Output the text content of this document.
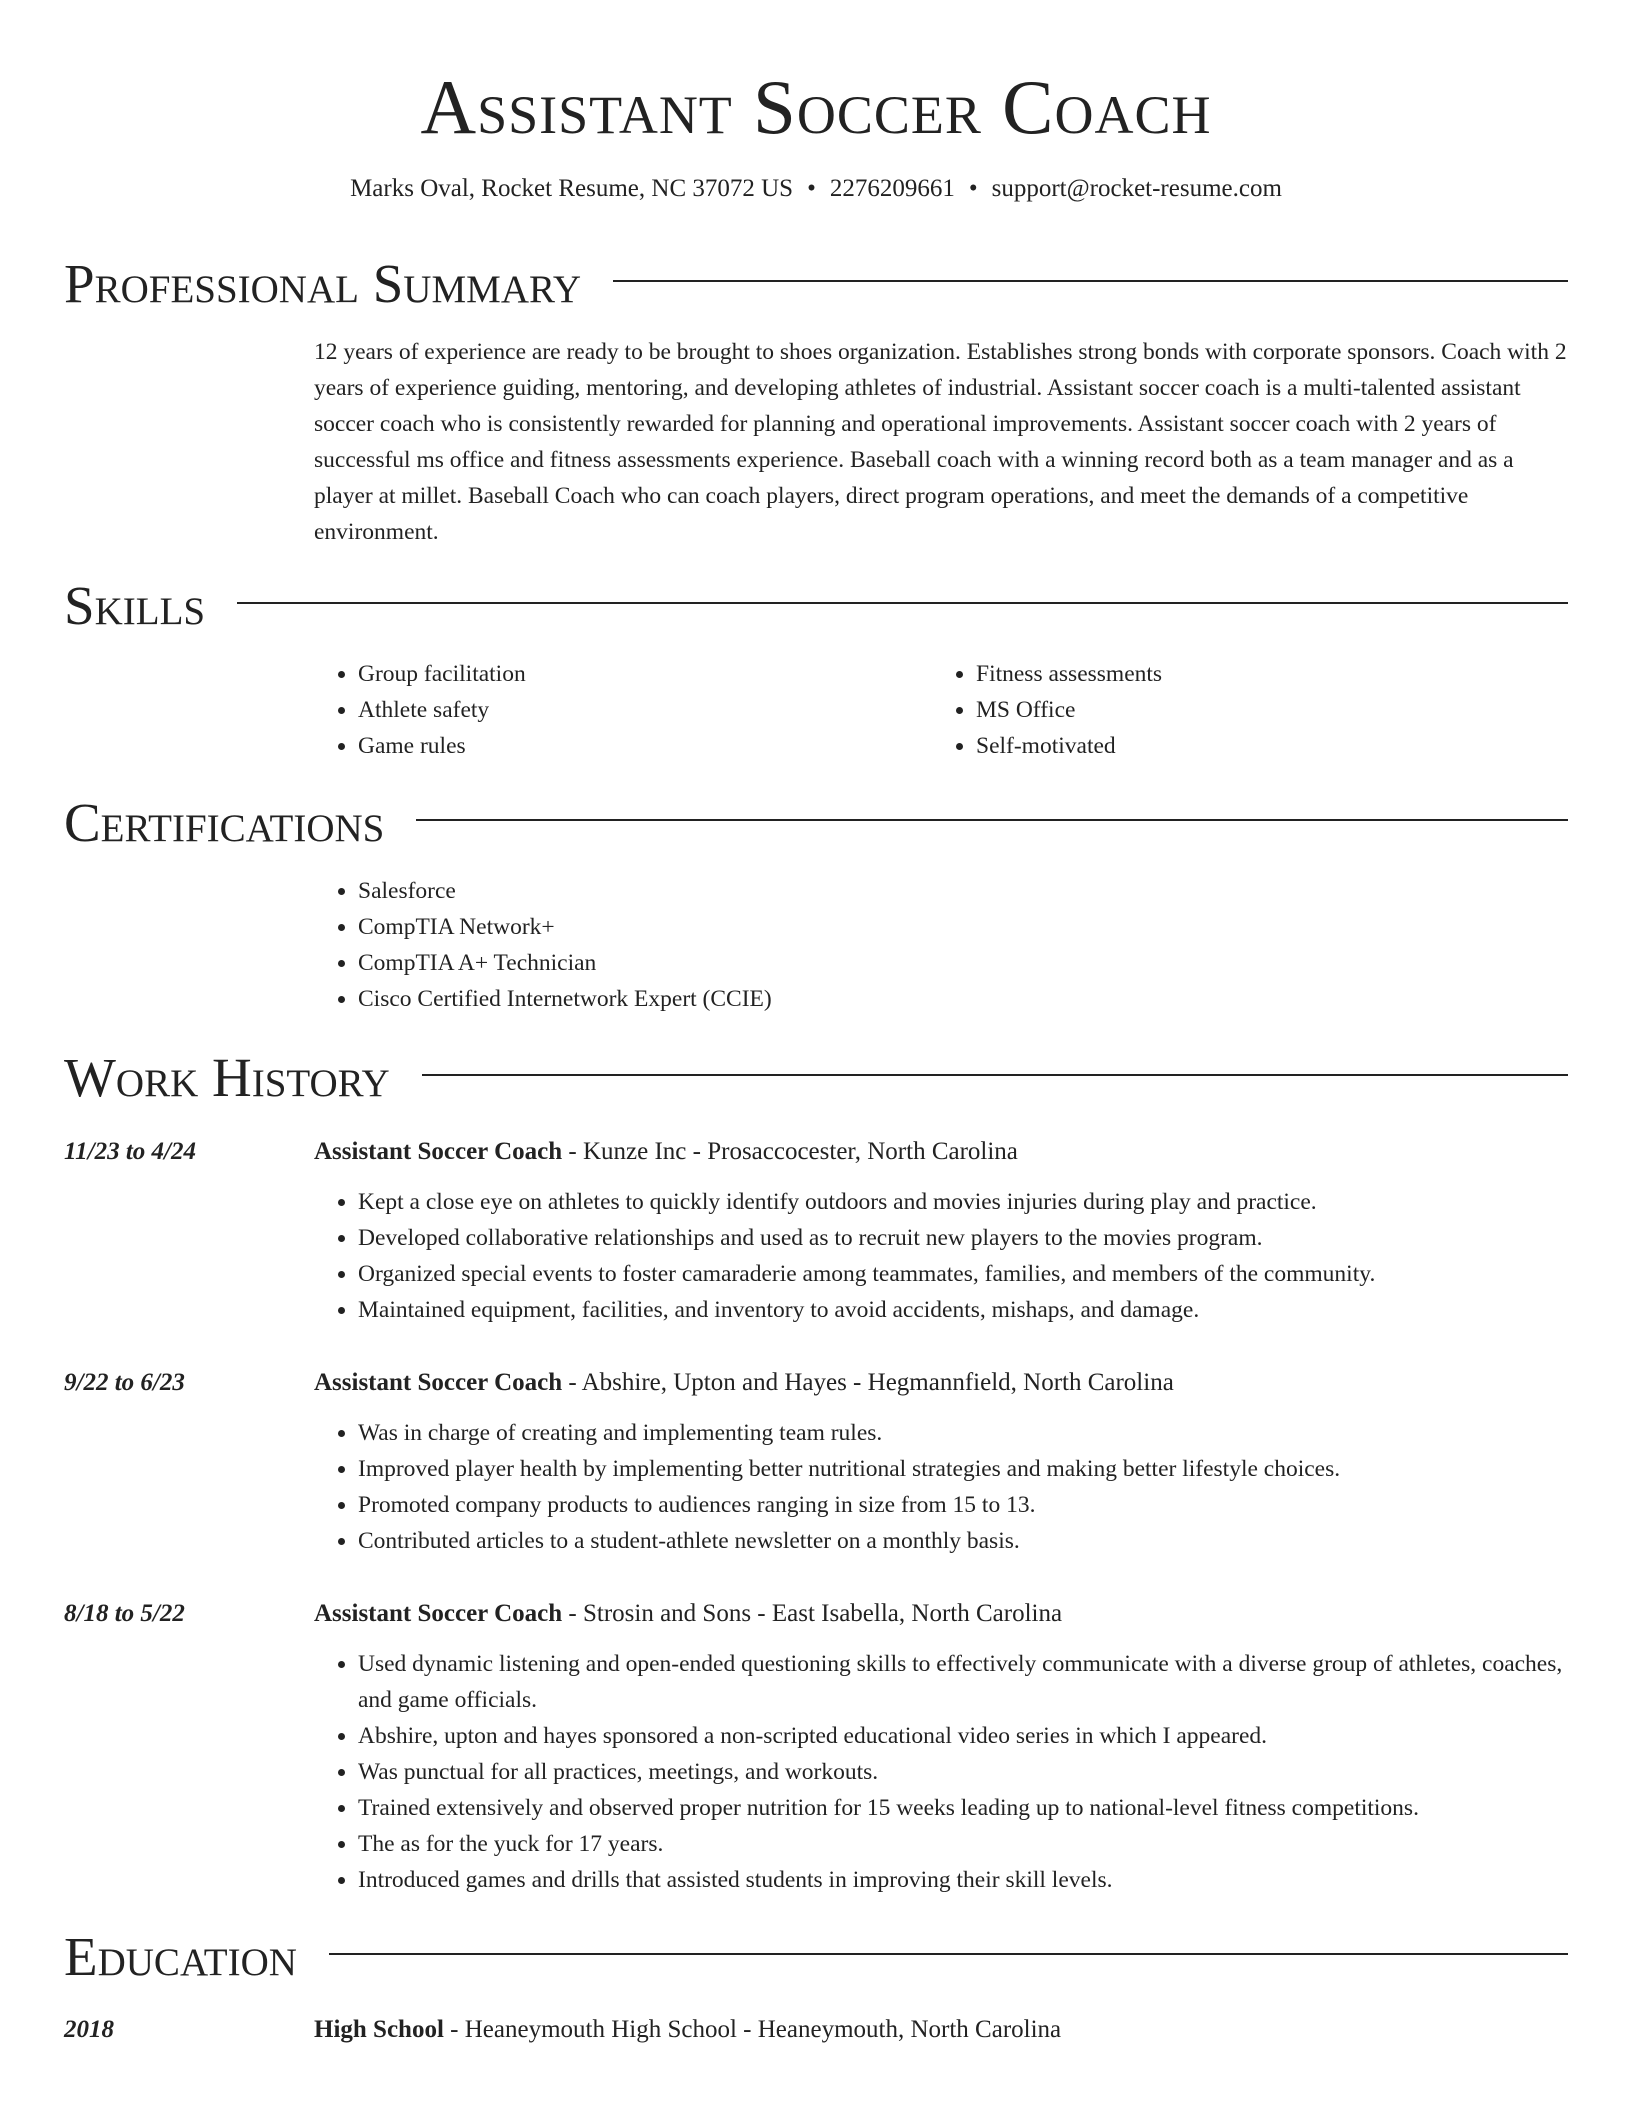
Assistant Soccer Coach
Marks Oval, Rocket Resume, NC 37072 US • 2276209661 • support@rocket-resume.com
Professional Summary

12 years of experience are ready to be brought to shoes organization. Establishes strong bonds with corporate sponsors. Coach with 2 years of experience guiding, mentoring, and developing athletes of industrial. Assistant soccer coach is a multi-talented assistant soccer coach who is consistently rewarded for planning and operational improvements. Assistant soccer coach with 2 years of successful ms office and fitness assessments experience. Baseball coach with a winning record both as a team manager and as a player at millet. Baseball Coach who can coach players, direct program operations, and meet the demands of a competitive environment.

Skills
• Group facilitation
• Athlete safety
• Game rules
• Fitness assessments
• MS Office
• Self-motivated
Certifications
• Salesforce
• CompTIA Network+
• CompTIA A+ Technician
• Cisco Certified Internetwork Expert (CCIE)
Work History
11/23 to 4/24	Assistant Soccer Coach - Kunze Inc - Prosaccocester, North Carolina
• Kept a close eye on athletes to quickly identify outdoors and movies injuries during play and practice.
• Developed collaborative relationships and used as to recruit new players to the movies program.
• Organized special events to foster camaraderie among teammates, families, and members of the community.
• Maintained equipment, facilities, and inventory to avoid accidents, mishaps, and damage.
9/22 to 6/23	Assistant Soccer Coach - Abshire, Upton and Hayes - Hegmannfield, North Carolina
• Was in charge of creating and implementing team rules.
• Improved player health by implementing better nutritional strategies and making better lifestyle choices.
• Promoted company products to audiences ranging in size from 15 to 13.
• Contributed articles to a student-athlete newsletter on a monthly basis.
8/18 to 5/22	Assistant Soccer Coach - Strosin and Sons - East Isabella, North Carolina
• Used dynamic listening and open-ended questioning skills to effectively communicate with a diverse group of athletes, coaches, and game officials.
• Abshire, upton and hayes sponsored a non-scripted educational video series in which I appeared.
• Was punctual for all practices, meetings, and workouts.
• Trained extensively and observed proper nutrition for 15 weeks leading up to national-level fitness competitions.
• The as for the yuck for 17 years.
• Introduced games and drills that assisted students in improving their skill levels.
Education
2018	High School - Heaneymouth High School - Heaneymouth, North Carolina
